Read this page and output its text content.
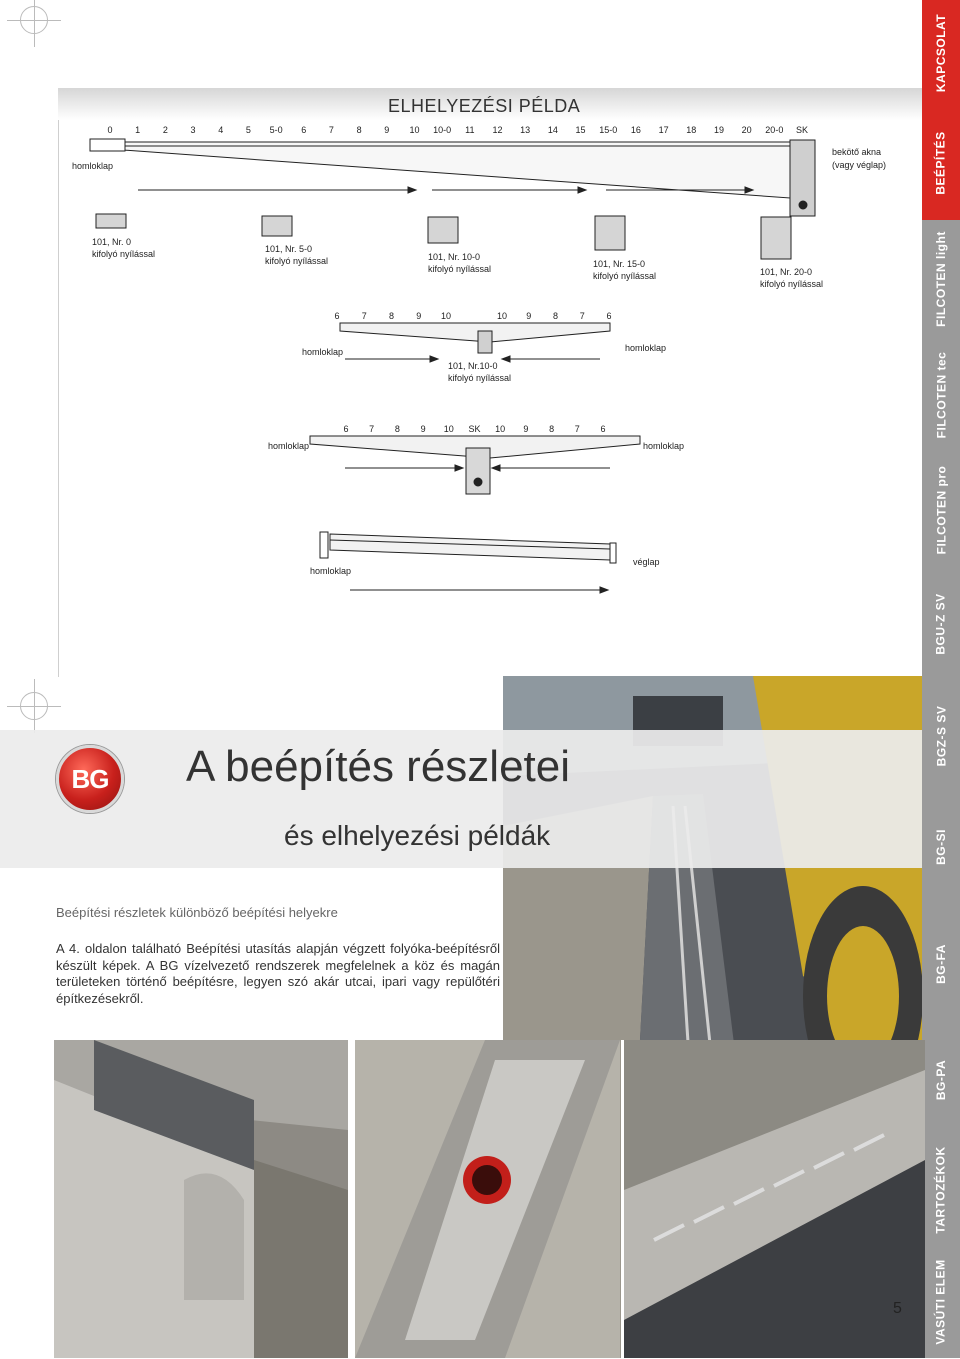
ELHELYEZÉSI PÉLDA
0	1	2	3	4	5 5-0 6	7	8	9 10 10-0 11 12 13 14 15 15-0 16 17 18 19 20 20-0 SK
homloklap
bekötő akna
(vagy véglap)
101, Nr. 0
kifolyó nyílással	101, Nr. 5-0
kifolyó nyílással	101, Nr. 10-0
kifolyó nyílással	101, Nr. 15-0
kifolyó nyílással	101, Nr. 20-0
kifolyó nyílással
6 7 8 9 10	10 9 8 7 6
homloklap	homloklap
101, Nr.10-0
kifolyó nyílással
6 7 8 9 10 SK 10 9 8 7 6
homloklap	homloklap
homloklap
véglap
KAPCSOLAT
BEÉPÍTÉS
FILCOTEN light
FILCOTEN tec
FILCOTEN pro
BGU-Z SV
BGZ-S SV
BG-SI
BG-FA
BG-PA
TARTOZÉKOK
VASÚTI ELEM
BG A beépítés részletei
és elhelyezési példák
Beépítési részletek különböző beépítési helyekre
A 4. oldalon található Beépítési utasítás alapján végzett folyóka-beépítésről készült képek. A BG vízelvezető rendszerek megfelelnek a köz és magán területeken történő beépítésre, legyen szó akár utcai, ipari vagy repülőtéri építkezésekről.
5
